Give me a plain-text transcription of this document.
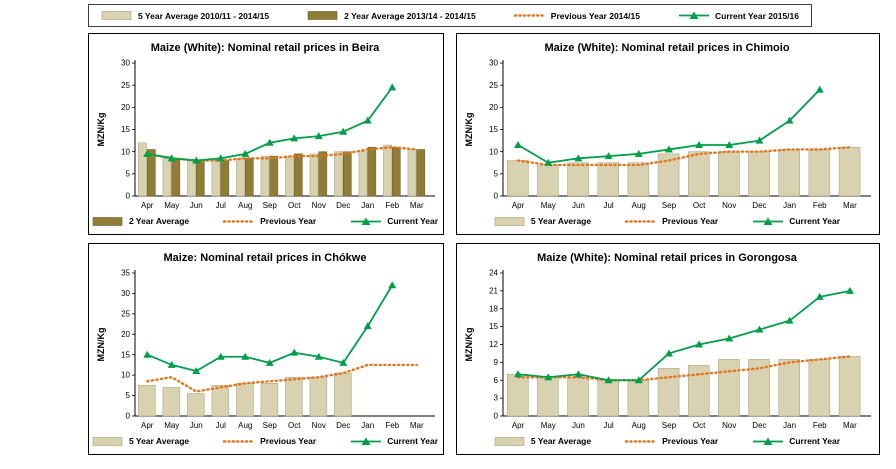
5 Year Average 2010/11 - 2014/15	2 Year Average 2013/14 - 2014/15	Previous Year 2014/15	Current Year 2015/16
Maize (White): Nominal retail prices in Beira
0
5
10
15
20
25
30
MZN/Kg
Apr May Jun Jul Aug Sep Oct Nov Dec Jan Feb Mar
2 Year Average	Previous Year	Current Year
Maize (White): Nominal retail prices in Chimoio
0
5
10
15
20
25
30
MZN/Kg
Apr May Jun Jul Aug Sep Oct Nov Dec Jan Feb Mar
5 Year Average	Previous Year	Current Year
Maize: Nominal retail prices in Chókwe
0
5
10
15
20
25
30
35
MZN/Kg
Apr May Jun Jul Aug Sep Oct Nov Dec Jan Feb Mar
5 Year Average	Previous Year	Current Year
Maize (White): Nominal retail prices in Gorongosa
0
3
6
9
12
15
18
21
24
MZN/Kg
Apr May Jun Jul Aug Sep Oct Nov Dec Jan Feb Mar
5 Year Average	Previous Year	Current Year
